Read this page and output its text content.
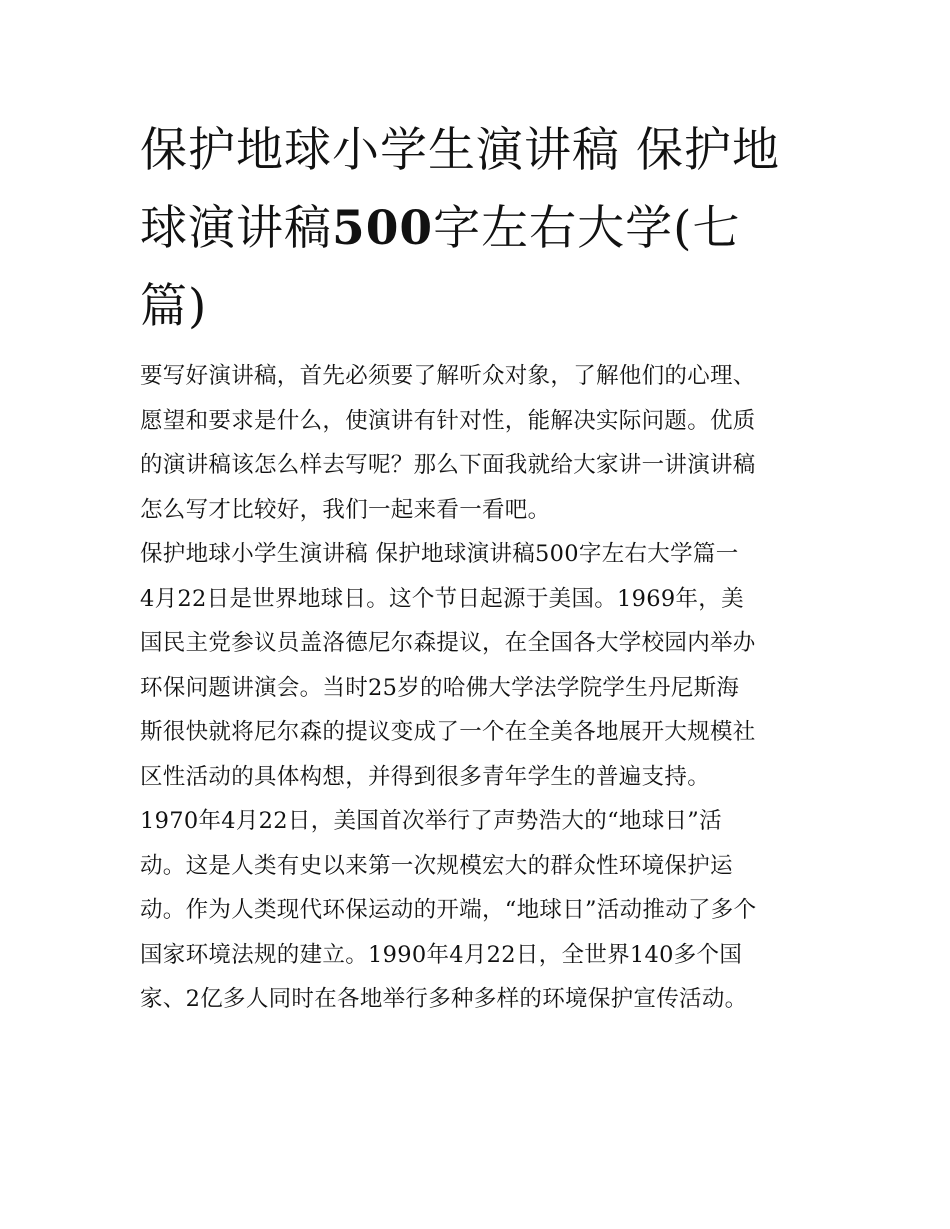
保护地球小学生演讲稿 保护地
球演讲稿500字左右大学(七
篇)
要写好演讲稿，首先必须要了解听众对象，了解他们的心理、
愿望和要求是什么，使演讲有针对性，能解决实际问题。优质
的演讲稿该怎么样去写呢？那么下面我就给大家讲一讲演讲稿
怎么写才比较好，我们一起来看一看吧。
保护地球小学生演讲稿 保护地球演讲稿500字左右大学篇一
4月22日是世界地球日。这个节日起源于美国。1969年，美
国民主党参议员盖洛德尼尔森提议，在全国各大学校园内举办
环保问题讲演会。当时25岁的哈佛大学法学院学生丹尼斯海
斯很快就将尼尔森的提议变成了一个在全美各地展开大规模社
区性活动的具体构想，并得到很多青年学生的普遍支持。
1970年4月22日，美国首次举行了声势浩大的“地球日”活
动。这是人类有史以来第一次规模宏大的群众性环境保护运
动。作为人类现代环保运动的开端，“地球日”活动推动了多个
国家环境法规的建立。1990年4月22日，全世界140多个国
家、2亿多人同时在各地举行多种多样的环境保护宣传活动。
